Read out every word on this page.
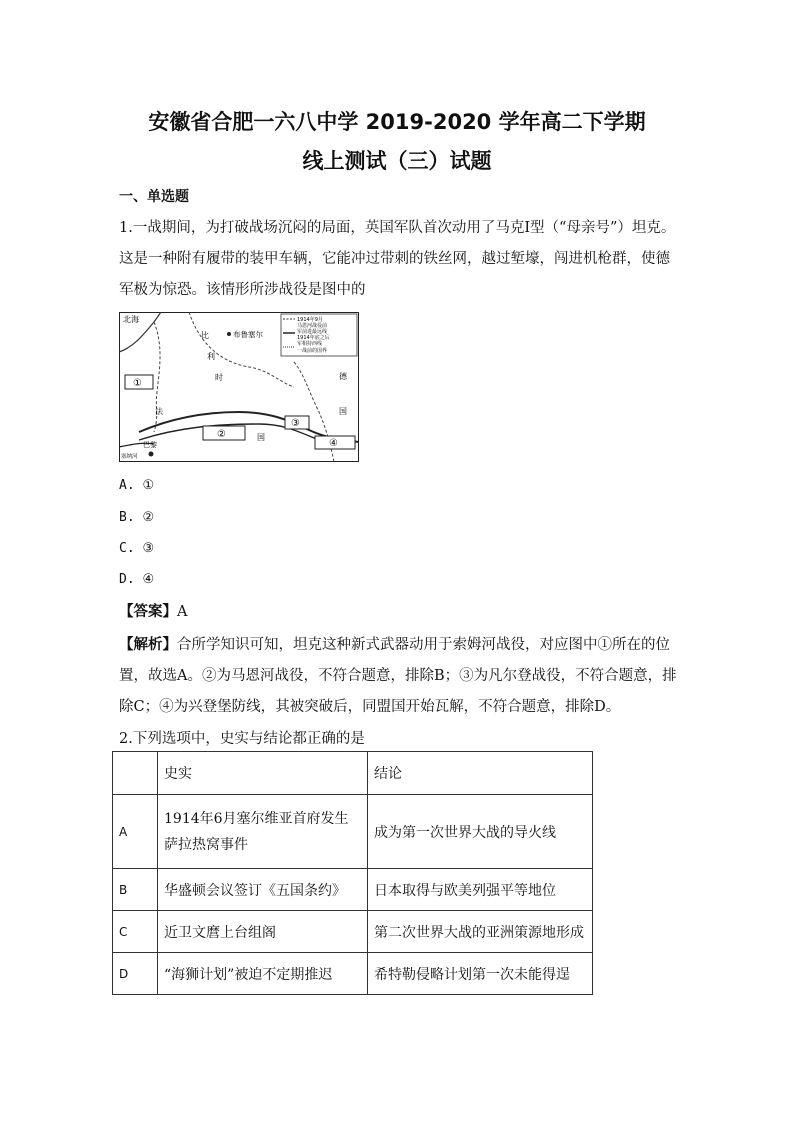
安徽省合肥一六八中学 2019-2020 学年高二下学期
线上测试（三）试题
一、单选题

1.一战期间，为打破战场沉闷的局面，英国军队首次动用了马克Ⅰ型（“母亲号”）坦克。这是一种附有履带的装甲车辆，它能冲过带刺的铁丝网，越过堑壕，闯进机枪群，使德军极为惊恐。该情形所涉战役是图中的

1914年9月
马恩河战役前
军前进最远线
1914年底之后
军相持西线
一战前的国界
北海
布鲁塞尔
比
利
时	德
国
法
国
巴黎
塞纳河
①
②
③
④
A. ①
B. ②
C. ③
D. ④
【答案】A

【解析】合所学知识可知，坦克这种新式武器动用于索姆河战役，对应图中①所在的位置，故选A。②为马恩河战役，不符合题意，排除B；③为凡尔登战役，不符合题意，排除C；④为兴登堡防线，其被突破后，同盟国开始瓦解，不符合题意，排除D。

2.下列选项中，史实与结论都正确的是
	史实	结论
A	1914年6月塞尔维亚首府发生萨拉热窝事件	成为第一次世界大战的导火线
B	华盛顿会议签订《五国条约》	日本取得与欧美列强平等地位
C	近卫文麿上台组阁	第二次世界大战的亚洲策源地形成
D	“海狮计划”被迫不定期推迟	希特勒侵略计划第一次未能得逞
